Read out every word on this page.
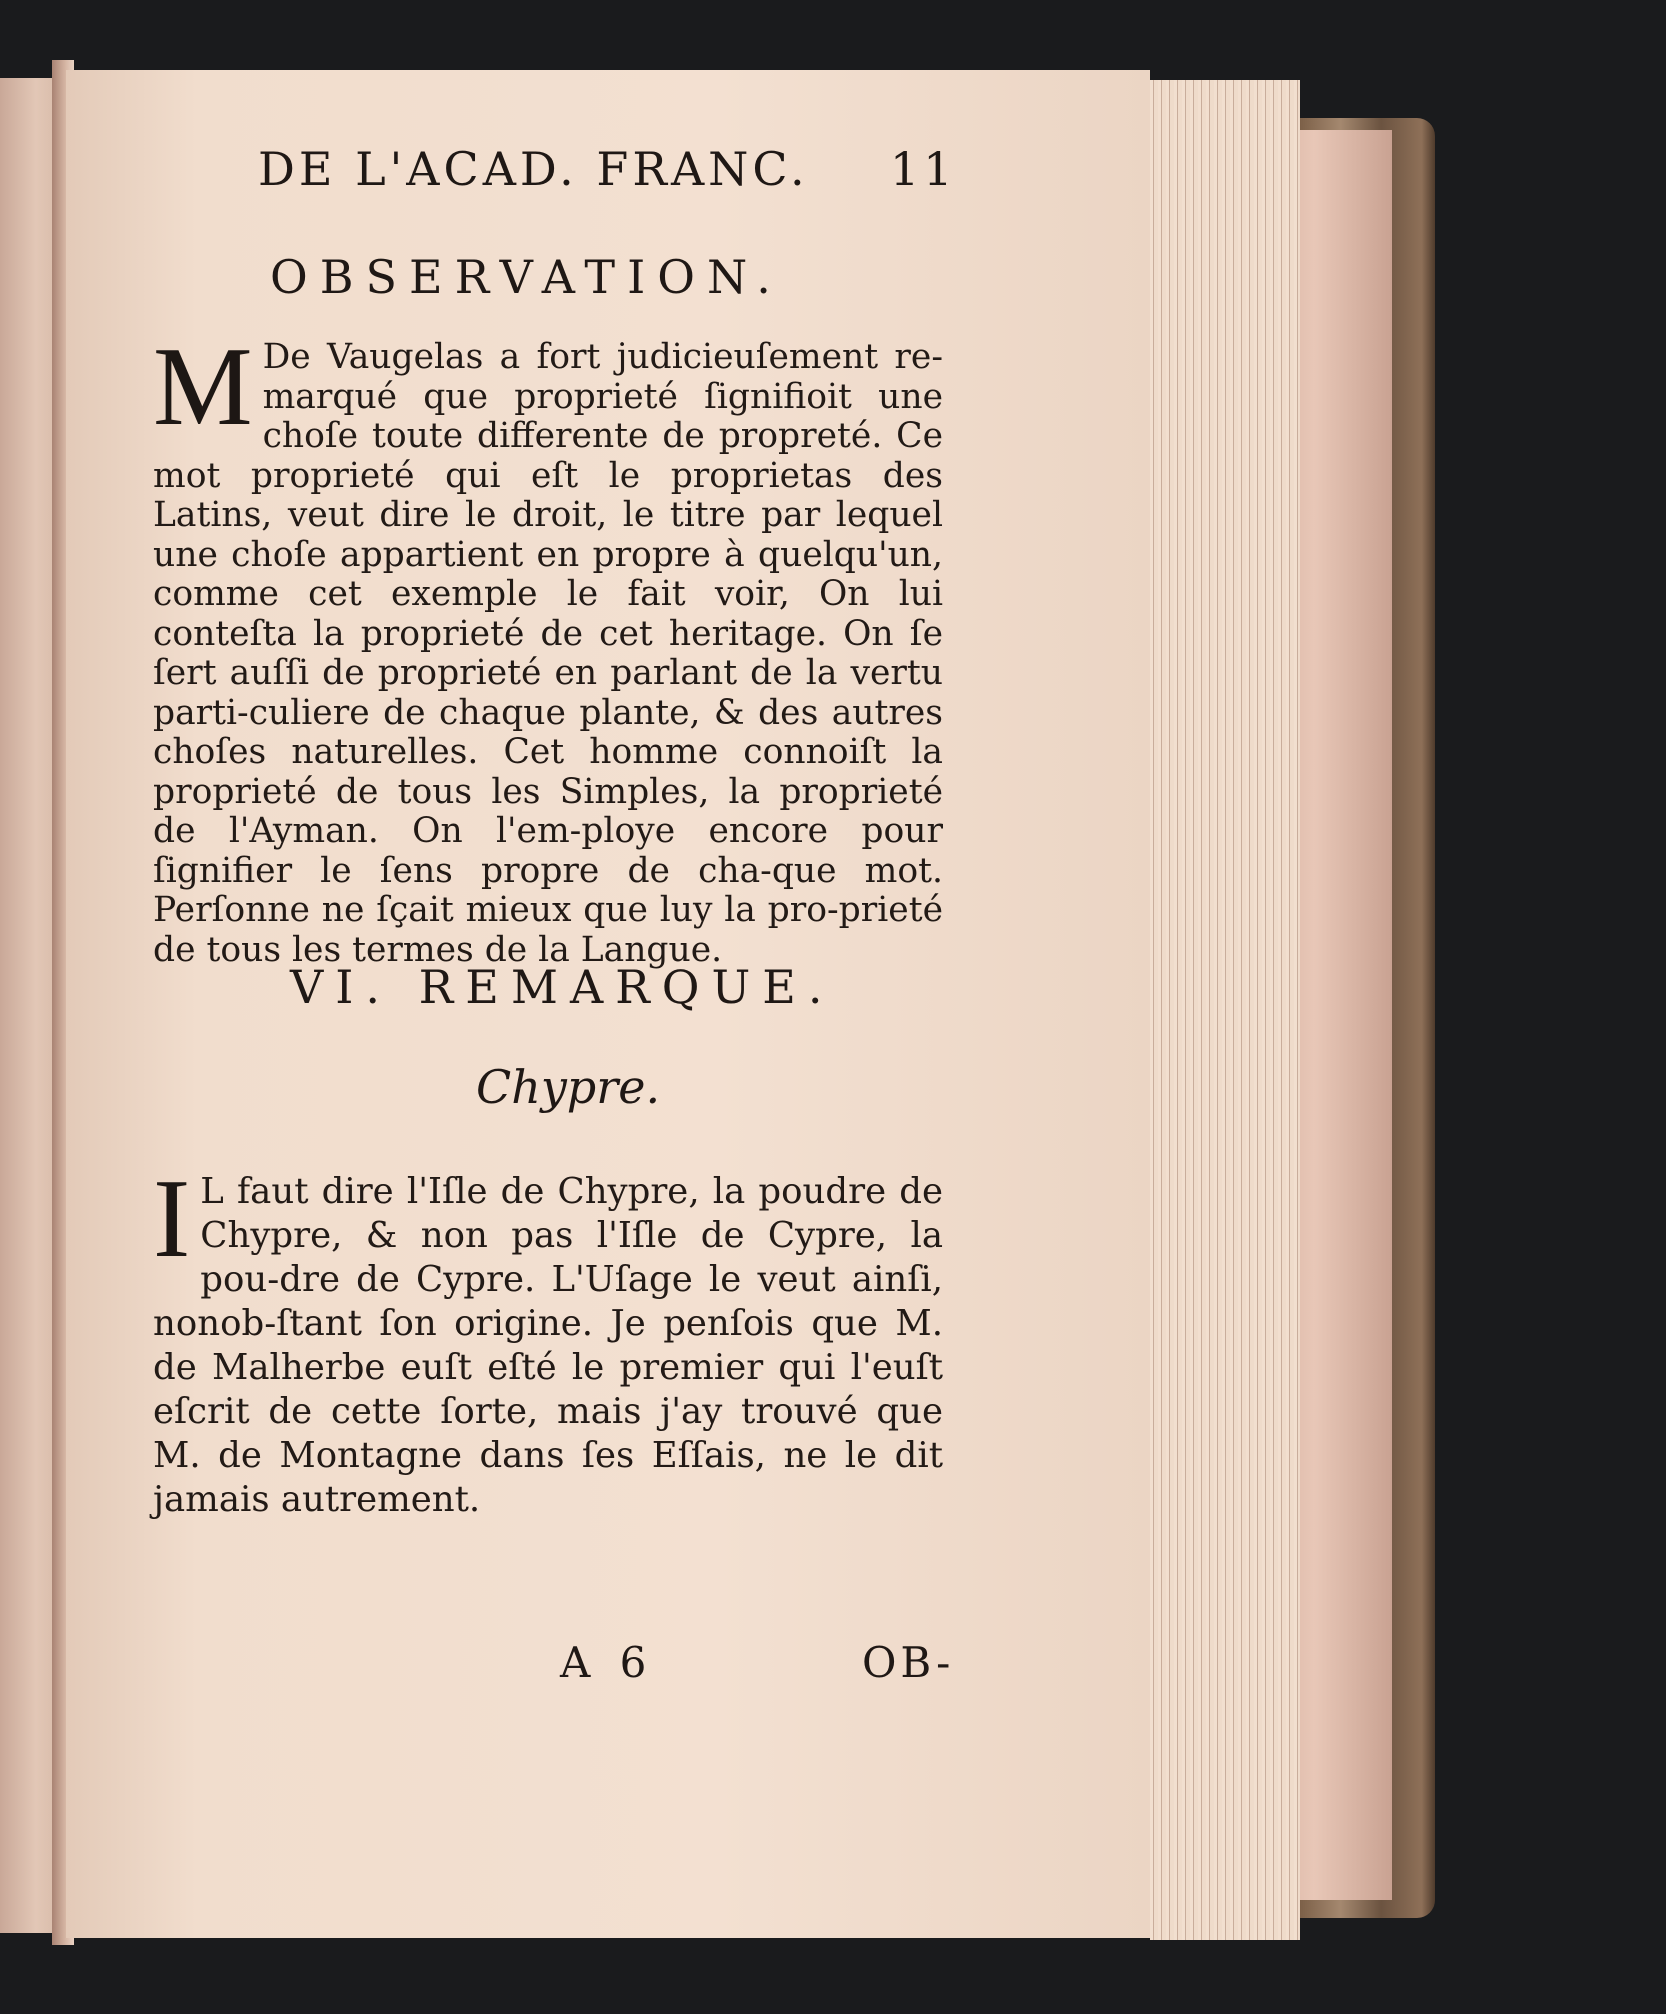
DE L'ACAD. FRANC.	11
OBSERVATION.
M De Vaugelas a fort judicieuſement re-marqué que proprieté ſignifioit une choſe toute differente de propreté. Ce mot proprieté qui eſt le proprietas des Latins, veut dire le droit, le titre par lequel une choſe appartient en propre à quelqu'un, comme cet exemple le fait voir, On lui conteſta la proprieté de cet heritage. On ſe ſert auſſi de proprieté en parlant de la vertu parti-culiere de chaque plante, & des autres choſes naturelles. Cet homme connoiſt la proprieté de tous les Simples, la proprieté de l'Ayman. On l'em-ploye encore pour ſignifier le ſens propre de cha-que mot. Perſonne ne ſçait mieux que luy la pro-prieté de tous les termes de la Langue.

VI. REMARQUE.
Chypre.
I L faut dire l'Iſle de Chypre, la poudre de Chypre, & non pas l'Iſle de Cypre, la pou-dre de Cypre. L'Uſage le veut ainſi, nonob-ſtant ſon origine. Je penſois que M. de Malherbe euſt eſté le premier qui l'euſt eſcrit de cette ſorte, mais j'ay trouvé que M. de Montagne dans ſes Eſſais, ne le dit jamais autrement.

A 6	OB-
